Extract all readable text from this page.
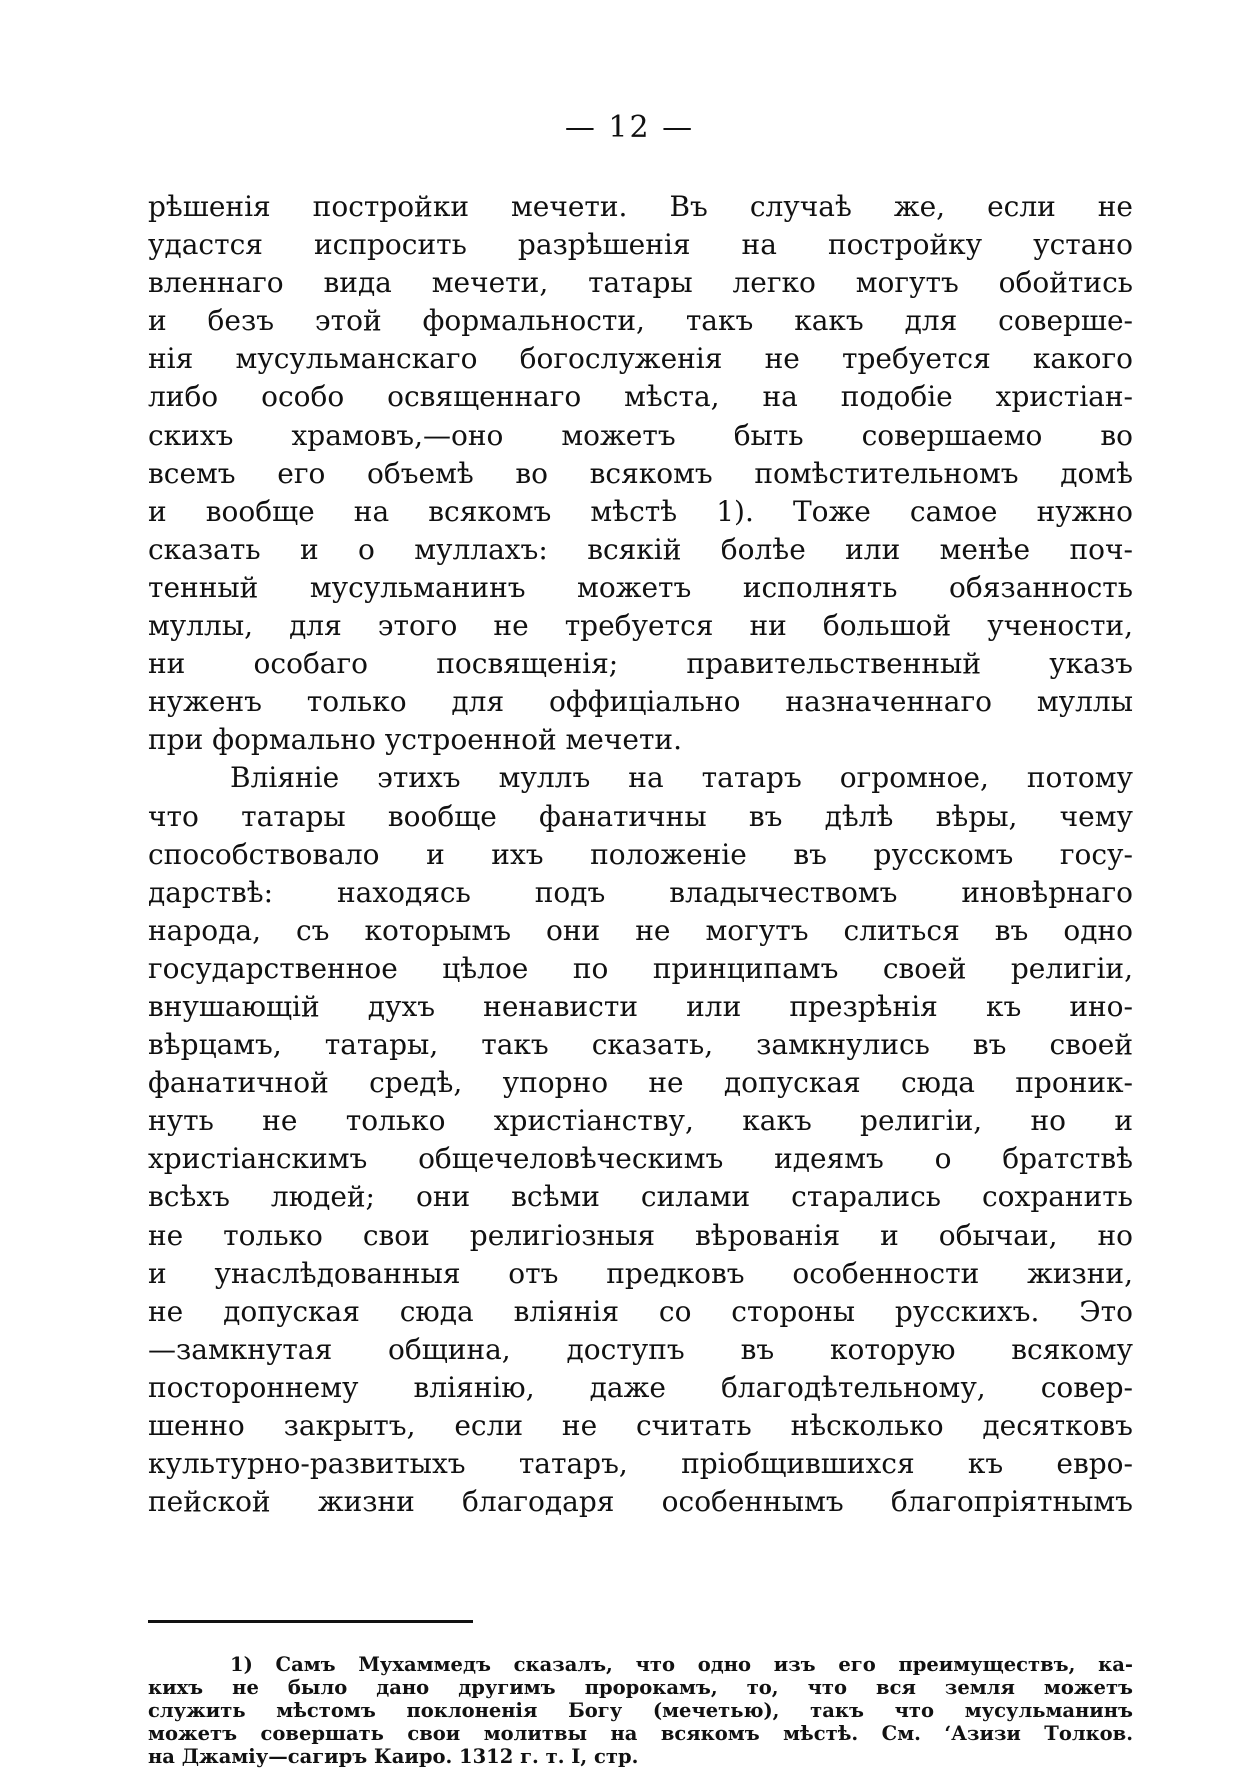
— 12 —
рѣшенія постройки мечети. Въ случаѣ же, если не
удастся испросить разрѣшенія на постройку устано
вленнаго вида мечети, татары легко могутъ обойтись
и безъ этой формальности, такъ какъ для соверше-
нія мусульманскаго богослуженія не требуется какого
либо особо освященнаго мѣста, на подобіе христіан-
скихъ храмовъ,—оно можетъ быть совершаемо во
всемъ его объемѣ во всякомъ помѣстительномъ домѣ
и вообще на всякомъ мѣстѣ 1). Тоже самое нужно
сказать и о муллахъ: всякій болѣе или менѣе поч-
тенный мусульманинъ можетъ исполнять обязанность
муллы, для этого не требуется ни большой учености,
ни особаго посвященія; правительственный указъ
нуженъ только для оффиціально назначеннаго муллы
при формально устроенной мечети.
Вліяніе этихъ муллъ на татаръ огромное, потому
что татары вообще фанатичны въ дѣлѣ вѣры, чему
способствовало и ихъ положеніе въ русскомъ госу-
дарствѣ: находясь подъ владычествомъ иновѣрнаго
народа, съ которымъ они не могутъ слиться въ одно
государственное цѣлое по принципамъ своей религіи,
внушающій духъ ненависти или презрѣнія къ ино-
вѣрцамъ, татары, такъ сказать, замкнулись въ своей
фанатичной средѣ, упорно не допуская сюда проник-
нуть не только христіанству, какъ религіи, но и
христіанскимъ общечеловѣческимъ идеямъ о братствѣ
всѣхъ людей; они всѣми силами старались сохранить
не только свои религіозныя вѣрованія и обычаи, но
и унаслѣдованныя отъ предковъ особенности жизни,
не допуская сюда вліянія со стороны русскихъ. Это
—замкнутая община, доступъ въ которую всякому
постороннему вліянію, даже благодѣтельному, совер-
шенно закрытъ, если не считать нѣсколько десятковъ
культурно-развитыхъ татаръ, пріобщившихся къ евро-
пейской жизни благодаря особеннымъ благопріятнымъ
1) Самъ Мухаммедъ сказалъ, что одно изъ его преимуществъ, ка-
кихъ не было дано другимъ пророкамъ, то, что вся земля можетъ
служить мѣстомъ поклоненія Богу (мечетью), такъ что мусульманинъ
можетъ совершать свои молитвы на всякомъ мѣстѣ. См. ‘Азизи Толков.
на Джаміу—сагиръ Каиро. 1312 г. т. I, стр.
